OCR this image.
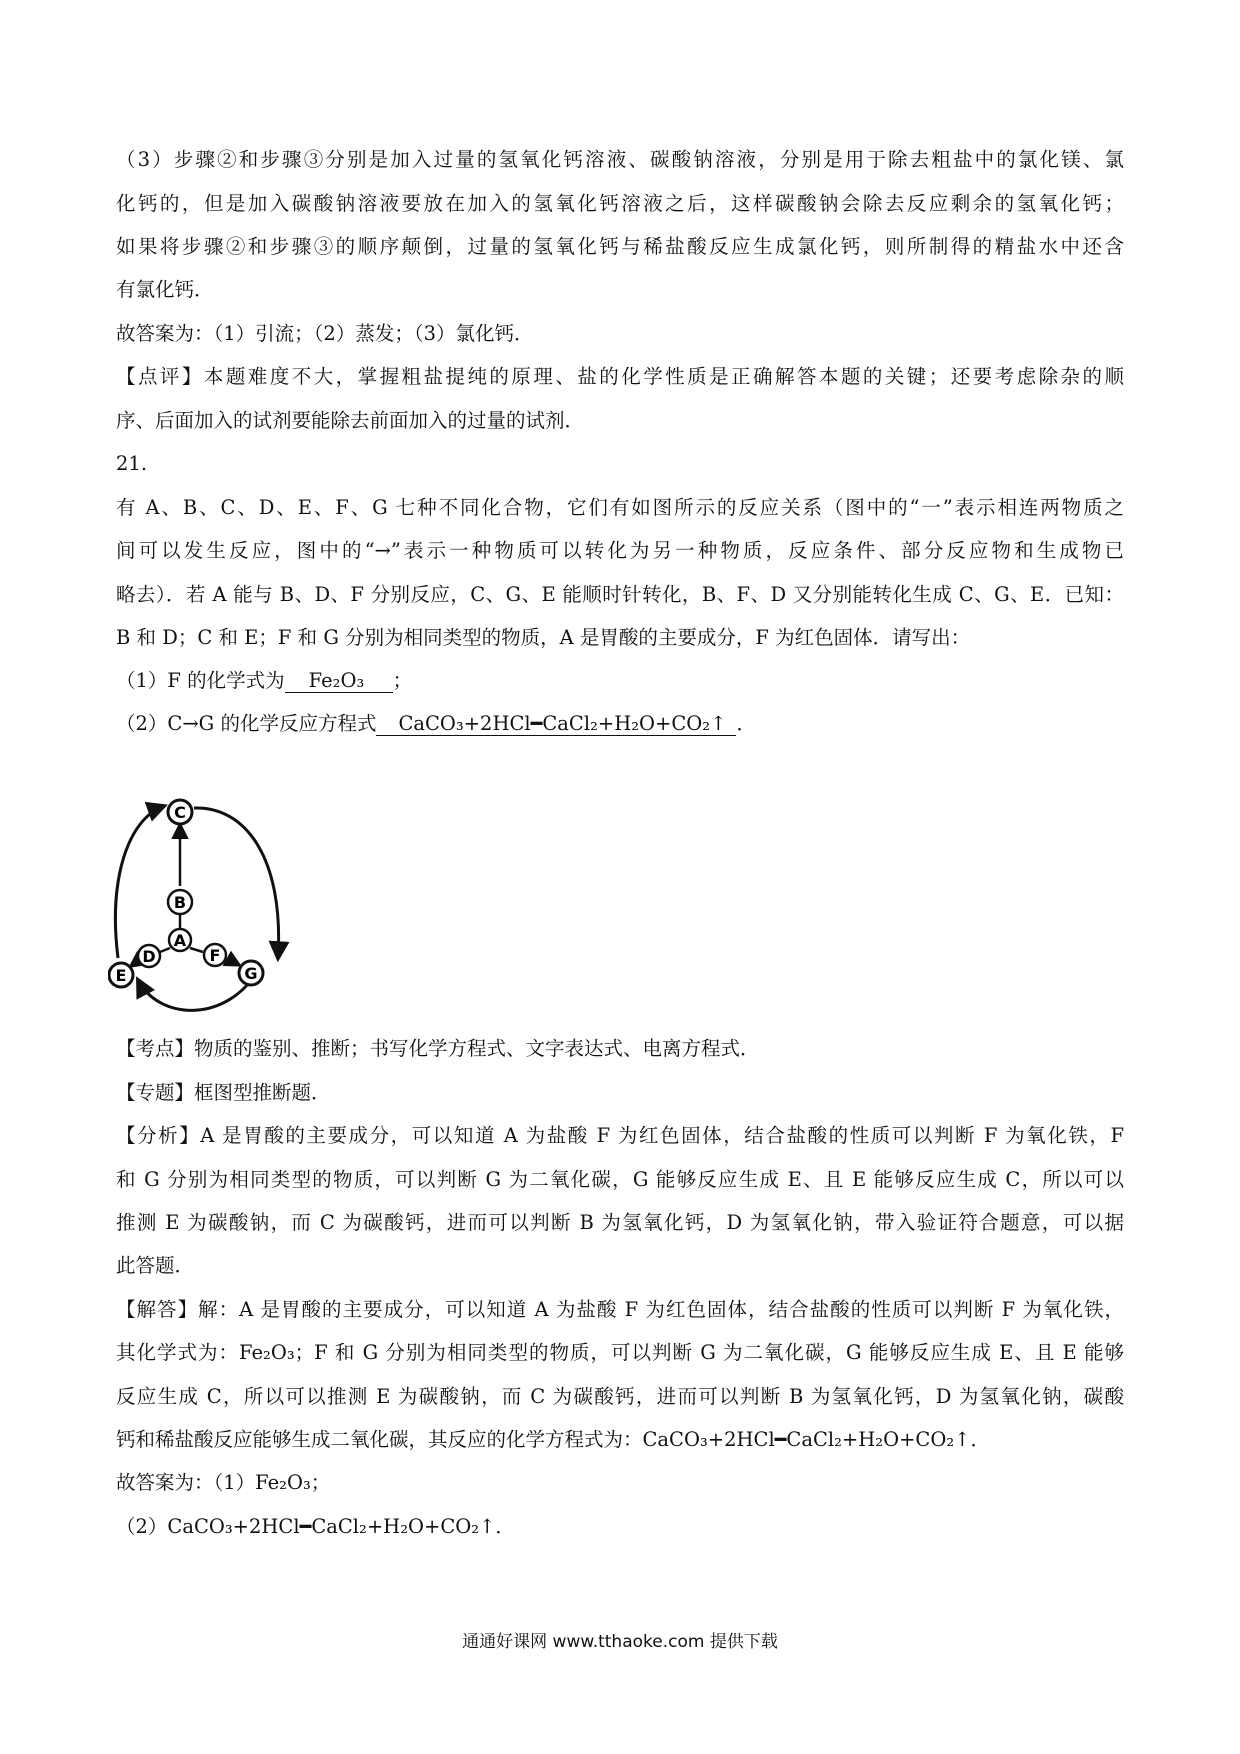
（3）步骤②和步骤③分别是加入过量的氢氧化钙溶液、碳酸钠溶液，分别是用于除去粗盐中的氯化镁、氯
化钙的，但是加入碳酸钠溶液要放在加入的氢氧化钙溶液之后，这样碳酸钠会除去反应剩余的氢氧化钙；
如果将步骤②和步骤③的顺序颠倒，过量的氢氧化钙与稀盐酸反应生成氯化钙，则所制得的精盐水中还含
有氯化钙．
故答案为：（1）引流；（2）蒸发；（3）氯化钙．
【点评】本题难度不大，掌握粗盐提纯的原理、盐的化学性质是正确解答本题的关键；还要考虑除杂的顺
序、后面加入的试剂要能除去前面加入的过量的试剂．
21.
有 A、B、C、D、E、F、G 七种不同化合物，它们有如图所示的反应关系（图中的“一”表示相连两物质之
间可以发生反应，图中的“→”表示一种物质可以转化为另一种物质，反应条件、部分反应物和生成物已
略去）．若 A 能与 B、D、F 分别反应，C、G、E 能顺时针转化，B、F、D 又分别能转化生成 C、G、E．已知：
B 和 D；C 和 E；F 和 G 分别为相同类型的物质，A 是胃酸的主要成分，F 为红色固体．请写出：
（1）F 的化学式为 Fe₂O₃ ；
（2）C→G 的化学反应方程式 CaCO₃+2HCl━CaCl₂+H₂O+CO₂↑ ．
C
B
A
D	F
E	G
【考点】物质的鉴别、推断；书写化学方程式、文字表达式、电离方程式．
【专题】框图型推断题．
【分析】A 是胃酸的主要成分，可以知道 A 为盐酸 F 为红色固体，结合盐酸的性质可以判断 F 为氧化铁，F
和 G 分别为相同类型的物质，可以判断 G 为二氧化碳，G 能够反应生成 E、且 E 能够反应生成 C，所以可以
推测 E 为碳酸钠，而 C 为碳酸钙，进而可以判断 B 为氢氧化钙，D 为氢氧化钠，带入验证符合题意，可以据
此答题．
【解答】解：A 是胃酸的主要成分，可以知道 A 为盐酸 F 为红色固体，结合盐酸的性质可以判断 F 为氧化铁，
其化学式为：Fe₂O₃；F 和 G 分别为相同类型的物质，可以判断 G 为二氧化碳，G 能够反应生成 E、且 E 能够
反应生成 C，所以可以推测 E 为碳酸钠，而 C 为碳酸钙，进而可以判断 B 为氢氧化钙，D 为氢氧化钠，碳酸
钙和稀盐酸反应能够生成二氧化碳，其反应的化学方程式为：CaCO₃+2HCl━CaCl₂+H₂O+CO₂↑．
故答案为：（1）Fe₂O₃；
（2）CaCO₃+2HCl━CaCl₂+H₂O+CO₂↑．
通通好课网 www.tthaoke.com 提供下载
